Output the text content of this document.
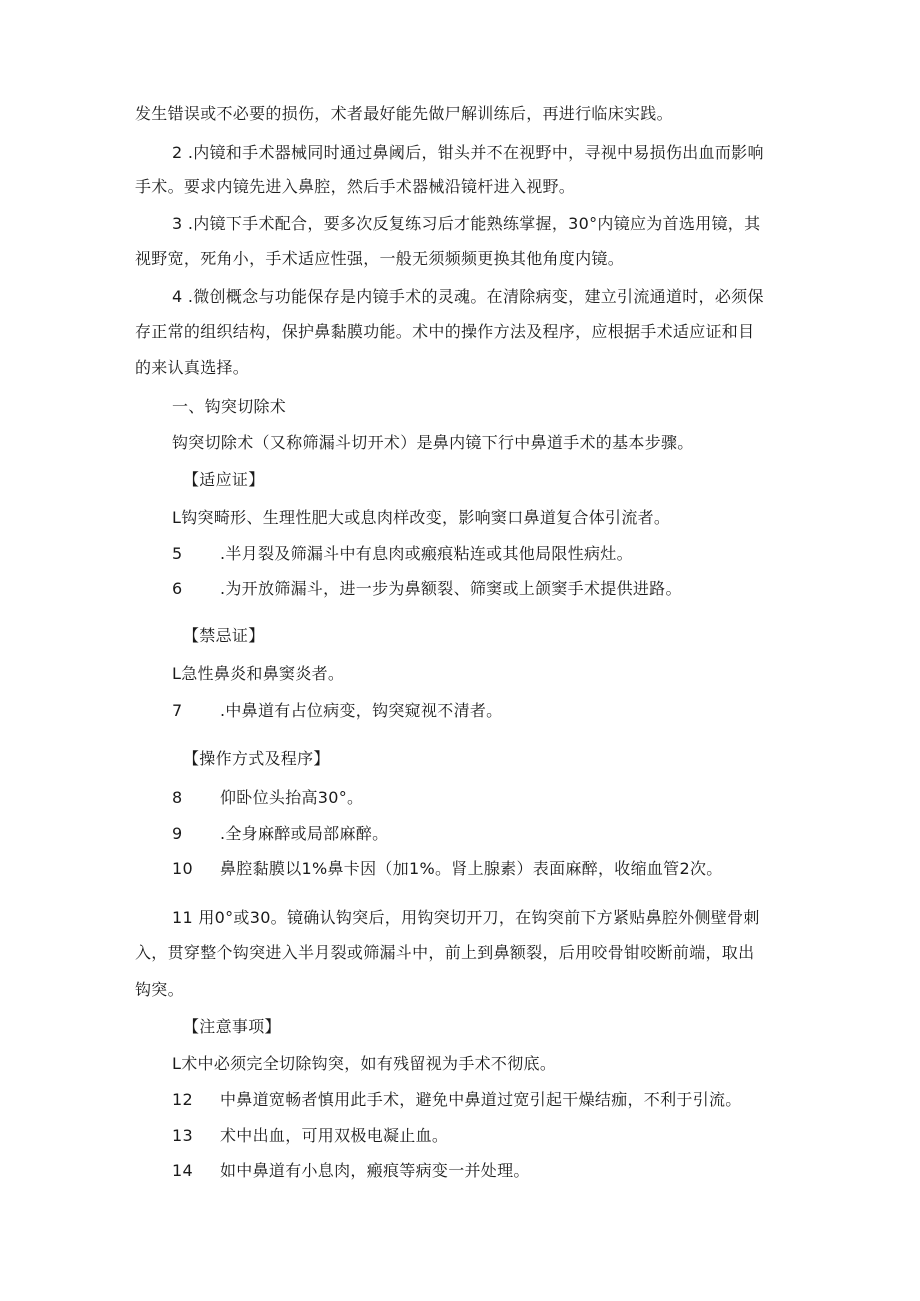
发生错误或不必要的损伤，术者最好能先做尸解训练后，再进行临床实践。
2 .内镜和手术器械同时通过鼻阈后，钳头并不在视野中，寻视中易损伤出血而影响
手术。要求内镜先进入鼻腔，然后手术器械沿镜杆进入视野。
3 .内镜下手术配合，要多次反复练习后才能熟练掌握，30°内镜应为首选用镜，其
视野宽，死角小，手术适应性强，一般无须频频更换其他角度内镜。
4 .微创概念与功能保存是内镜手术的灵魂。在清除病变，建立引流通道时，必须保
存正常的组织结构，保护鼻黏膜功能。术中的操作方法及程序，应根据手术适应证和目
的来认真选择。
一、钩突切除术
钩突切除术（又称筛漏斗切开术）是鼻内镜下行中鼻道手术的基本步骤。
【适应证】
L钩突畸形、生理性肥大或息肉样改变，影响窦口鼻道复合体引流者。
5 .半月裂及筛漏斗中有息肉或瘢痕粘连或其他局限性病灶。
6 .为开放筛漏斗，进一步为鼻额裂、筛窦或上颌窦手术提供进路。
【禁忌证】
L急性鼻炎和鼻窦炎者。
7 .中鼻道有占位病变，钩突窥视不清者。
【操作方式及程序】
8 仰卧位头抬高30°。
9 .全身麻醉或局部麻醉。
10 鼻腔黏膜以1%鼻卡因（加1%。肾上腺素）表面麻醉，收缩血管2次。
11 用0°或30。镜确认钩突后，用钩突切开刀，在钩突前下方紧贴鼻腔外侧壁骨刺
入，贯穿整个钩突进入半月裂或筛漏斗中，前上到鼻额裂，后用咬骨钳咬断前端，取出
钩突。
【注意事项】
L术中必须完全切除钩突，如有残留视为手术不彻底。
12 中鼻道宽畅者慎用此手术，避免中鼻道过宽引起干燥结痂，不利于引流。
13 术中出血，可用双极电凝止血。
14 如中鼻道有小息肉，瘢痕等病变一并处理。
